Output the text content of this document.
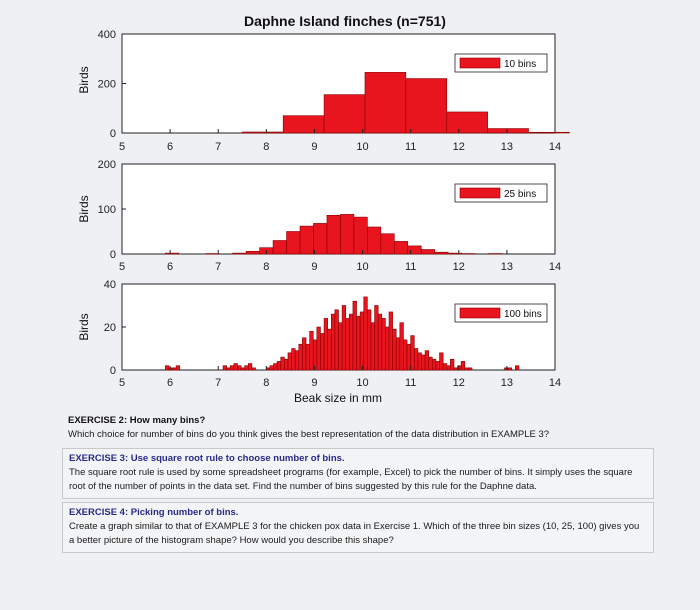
Daphne Island finches (n=751)
0
200
400
5	6	7	8	9	10	11	12	13	14
Birds
10 bins
0
100
200
5	6	7	8	9	10	11	12	13	14
Birds
25 bins
0
20
40
5	6	7	8	9	10	11	12	13	14
Birds	100 bins
Beak size in mm
EXERCISE 2: How many bins?
Which choice for number of bins do you think gives the best representation of the data distribution in EXAMPLE 3?
EXERCISE 3: Use square root rule to choose number of bins.
The square root rule is used by some spreadsheet programs (for example, Excel) to pick the number of bins. It simply uses the square root of the number of points in the data set. Find the number of bins suggested by this rule for the Daphne data.
EXERCISE 4: Picking number of bins.
Create a graph similar to that of EXAMPLE 3 for the chicken pox data in Exercise 1. Which of the three bin sizes (10, 25, 100) gives you a better picture of the histogram shape? How would you describe this shape?
